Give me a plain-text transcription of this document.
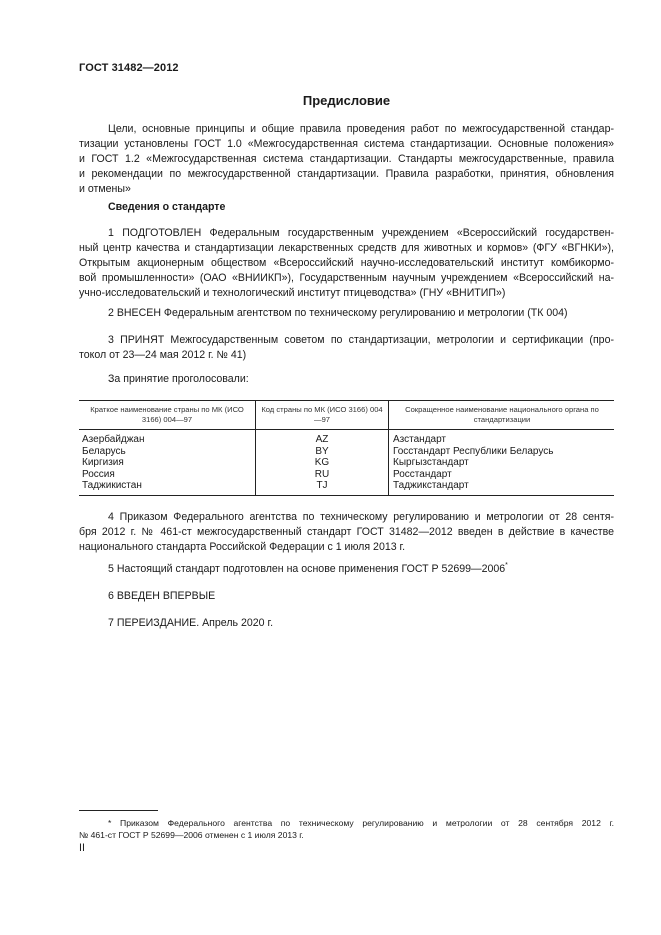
ГОСТ 31482—2012
Предисловие
Цели, основные принципы и общие правила проведения работ по межгосударственной стандар-
тизации установлены ГОСТ 1.0 «Межгосударственная система стандартизации. Основные положения»
и ГОСТ 1.2 «Межгосударственная система стандартизации. Стандарты межгосударственные, правила
и рекомендации по межгосударственной стандартизации. Правила разработки, принятия, обновления
и отмены»
Сведения о стандарте
1 ПОДГОТОВЛЕН Федеральным государственным учреждением «Всероссийский государствен-
ный центр качества и стандартизации лекарственных средств для животных и кормов» (ФГУ «ВГНКИ»),
Открытым акционерным обществом «Всероссийский научно-исследовательский институт комбикормо-
вой промышленности» (ОАО «ВНИИКП»), Государственным научным учреждением «Всероссийский на-
учно-исследовательский и технологический институт птицеводства» (ГНУ «ВНИТИП»)
2 ВНЕСЕН Федеральным агентством по техническому регулированию и метрологии (ТК 004)
3 ПРИНЯТ Межгосударственным советом по стандартизации, метрологии и сертификации (про-
токол от 23—24 мая 2012 г. № 41)
За принятие проголосовали:
Краткое наименование страны по МК (ИСО 3166) 004—97	Код страны по МК (ИСО 3166) 004—97	Сокращенное наименование национального органа по стандартизации
Азербайджан	AZ	Азстандарт
Беларусь	BY	Госстандарт Республики Беларусь
Киргизия	KG	Кыргызстандарт
Россия	RU	Росстандарт
Таджикистан	TJ	Таджикстандарт
4 Приказом Федерального агентства по техническому регулированию и метрологии от 28 сентя-
бря 2012 г. № 461-ст межгосударственный стандарт ГОСТ 31482—2012 введен в действие в качестве
национального стандарта Российской Федерации с 1 июля 2013 г.
5 Настоящий стандарт подготовлен на основе применения ГОСТ Р 52699—2006*
6 ВВЕДЕН ВПЕРВЫЕ
7 ПЕРЕИЗДАНИЕ. Апрель 2020 г.
* Приказом Федерального агентства по техническому регулированию и метрологии от 28 сентября 2012 г.
№ 461-ст ГОСТ Р 52699—2006 отменен с 1 июля 2013 г.
II
